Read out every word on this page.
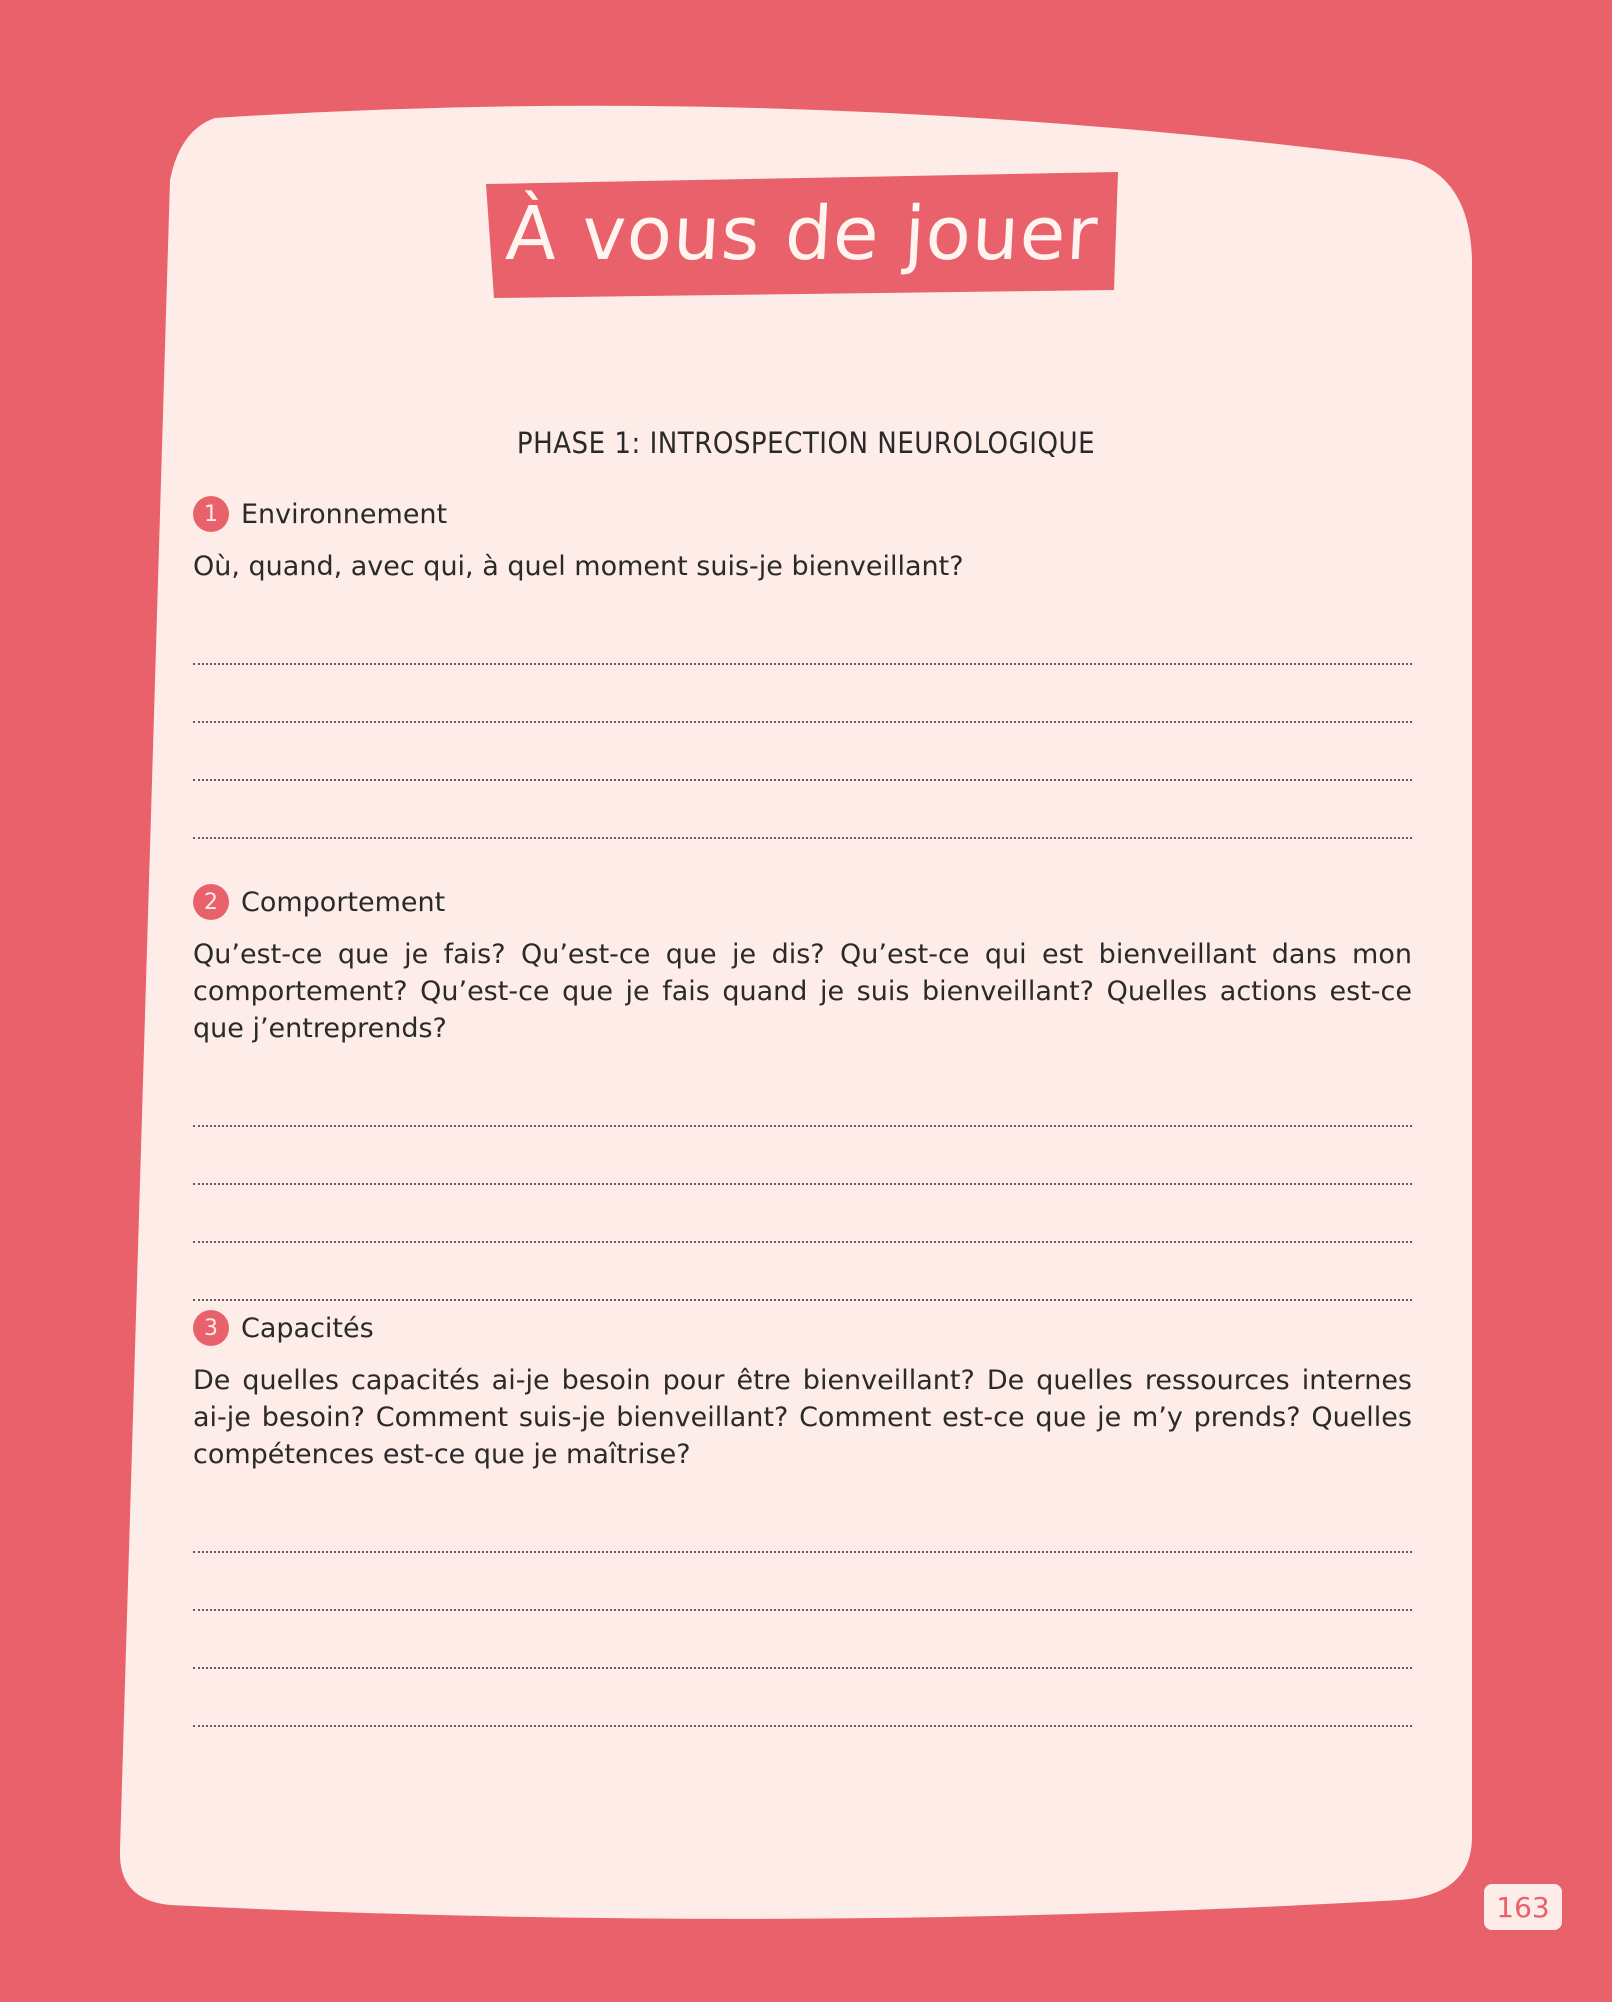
À vous de jouer
PHASE 1: INTROSPECTION NEUROLOGIQUE
1 Environnement
Où, quand, avec qui, à quel moment suis-je bienveillant?
2 Comportement
Qu’est-ce que je fais? Qu’est-ce que je dis? Qu’est-ce qui est bienveillant dans mon comportement? Qu’est-ce que je fais quand je suis bienveillant? Quelles actions est-ce que j’entreprends?
3 Capacités
De quelles capacités ai-je besoin pour être bienveillant? De quelles ressources internes ai-je besoin? Comment suis-je bienveillant? Comment est-ce que je m’y prends? Quelles compétences est-ce que je maîtrise?
163
